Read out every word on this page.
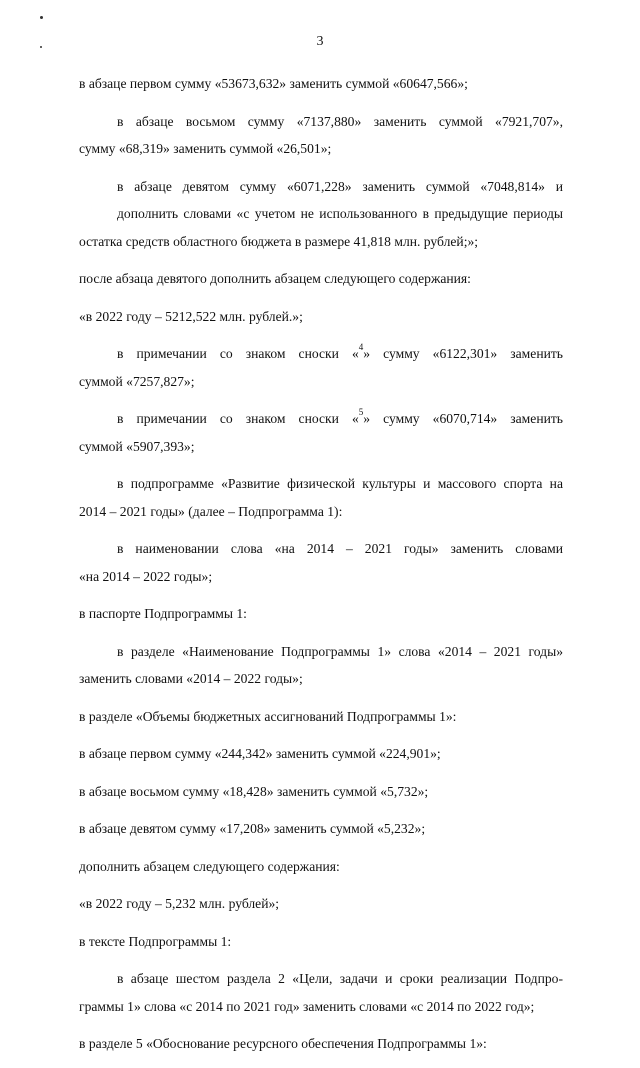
3
в абзаце первом сумму «53673,632» заменить суммой «60647,566»;
в абзаце восьмом сумму «7137,880» заменить суммой «7921,707»,
сумму «68,319» заменить суммой «26,501»;
в абзаце девятом сумму «6071,228» заменить суммой «7048,814» и
дополнить словами «с учетом не использованного в предыдущие периоды
остатка средств областного бюджета в размере 41,818 млн. рублей;»;
после абзаца девятого дополнить абзацем следующего содержания:
«в 2022 году – 5212,522 млн. рублей.»;
в примечании со знаком сноски «$^4$» сумму «6122,301» заменить
суммой «7257,827»;
в примечании со знаком сноски «$^5$» сумму «6070,714» заменить
суммой «5907,393»;
в подпрограмме «Развитие физической культуры и массового спорта на
2014 – 2021 годы» (далее – Подпрограмма 1):
в наименовании слова «на 2014 – 2021 годы» заменить словами
«на 2014 – 2022 годы»;
в паспорте Подпрограммы 1:
в разделе «Наименование Подпрограммы 1» слова «2014 – 2021 годы»
заменить словами «2014 – 2022 годы»;
в разделе «Объемы бюджетных ассигнований Подпрограммы 1»:
в абзаце первом сумму «244,342» заменить суммой «224,901»;
в абзаце восьмом сумму «18,428» заменить суммой «5,732»;
в абзаце девятом сумму «17,208» заменить суммой «5,232»;
дополнить абзацем следующего содержания:
«в 2022 году – 5,232 млн. рублей»;
в тексте Подпрограммы 1:
в абзаце шестом раздела 2 «Цели, задачи и сроки реализации Подпро-
граммы 1» слова «с 2014 по 2021 год» заменить словами «с 2014 по 2022 год»;
в разделе 5 «Обоснование ресурсного обеспечения Подпрограммы 1»:
